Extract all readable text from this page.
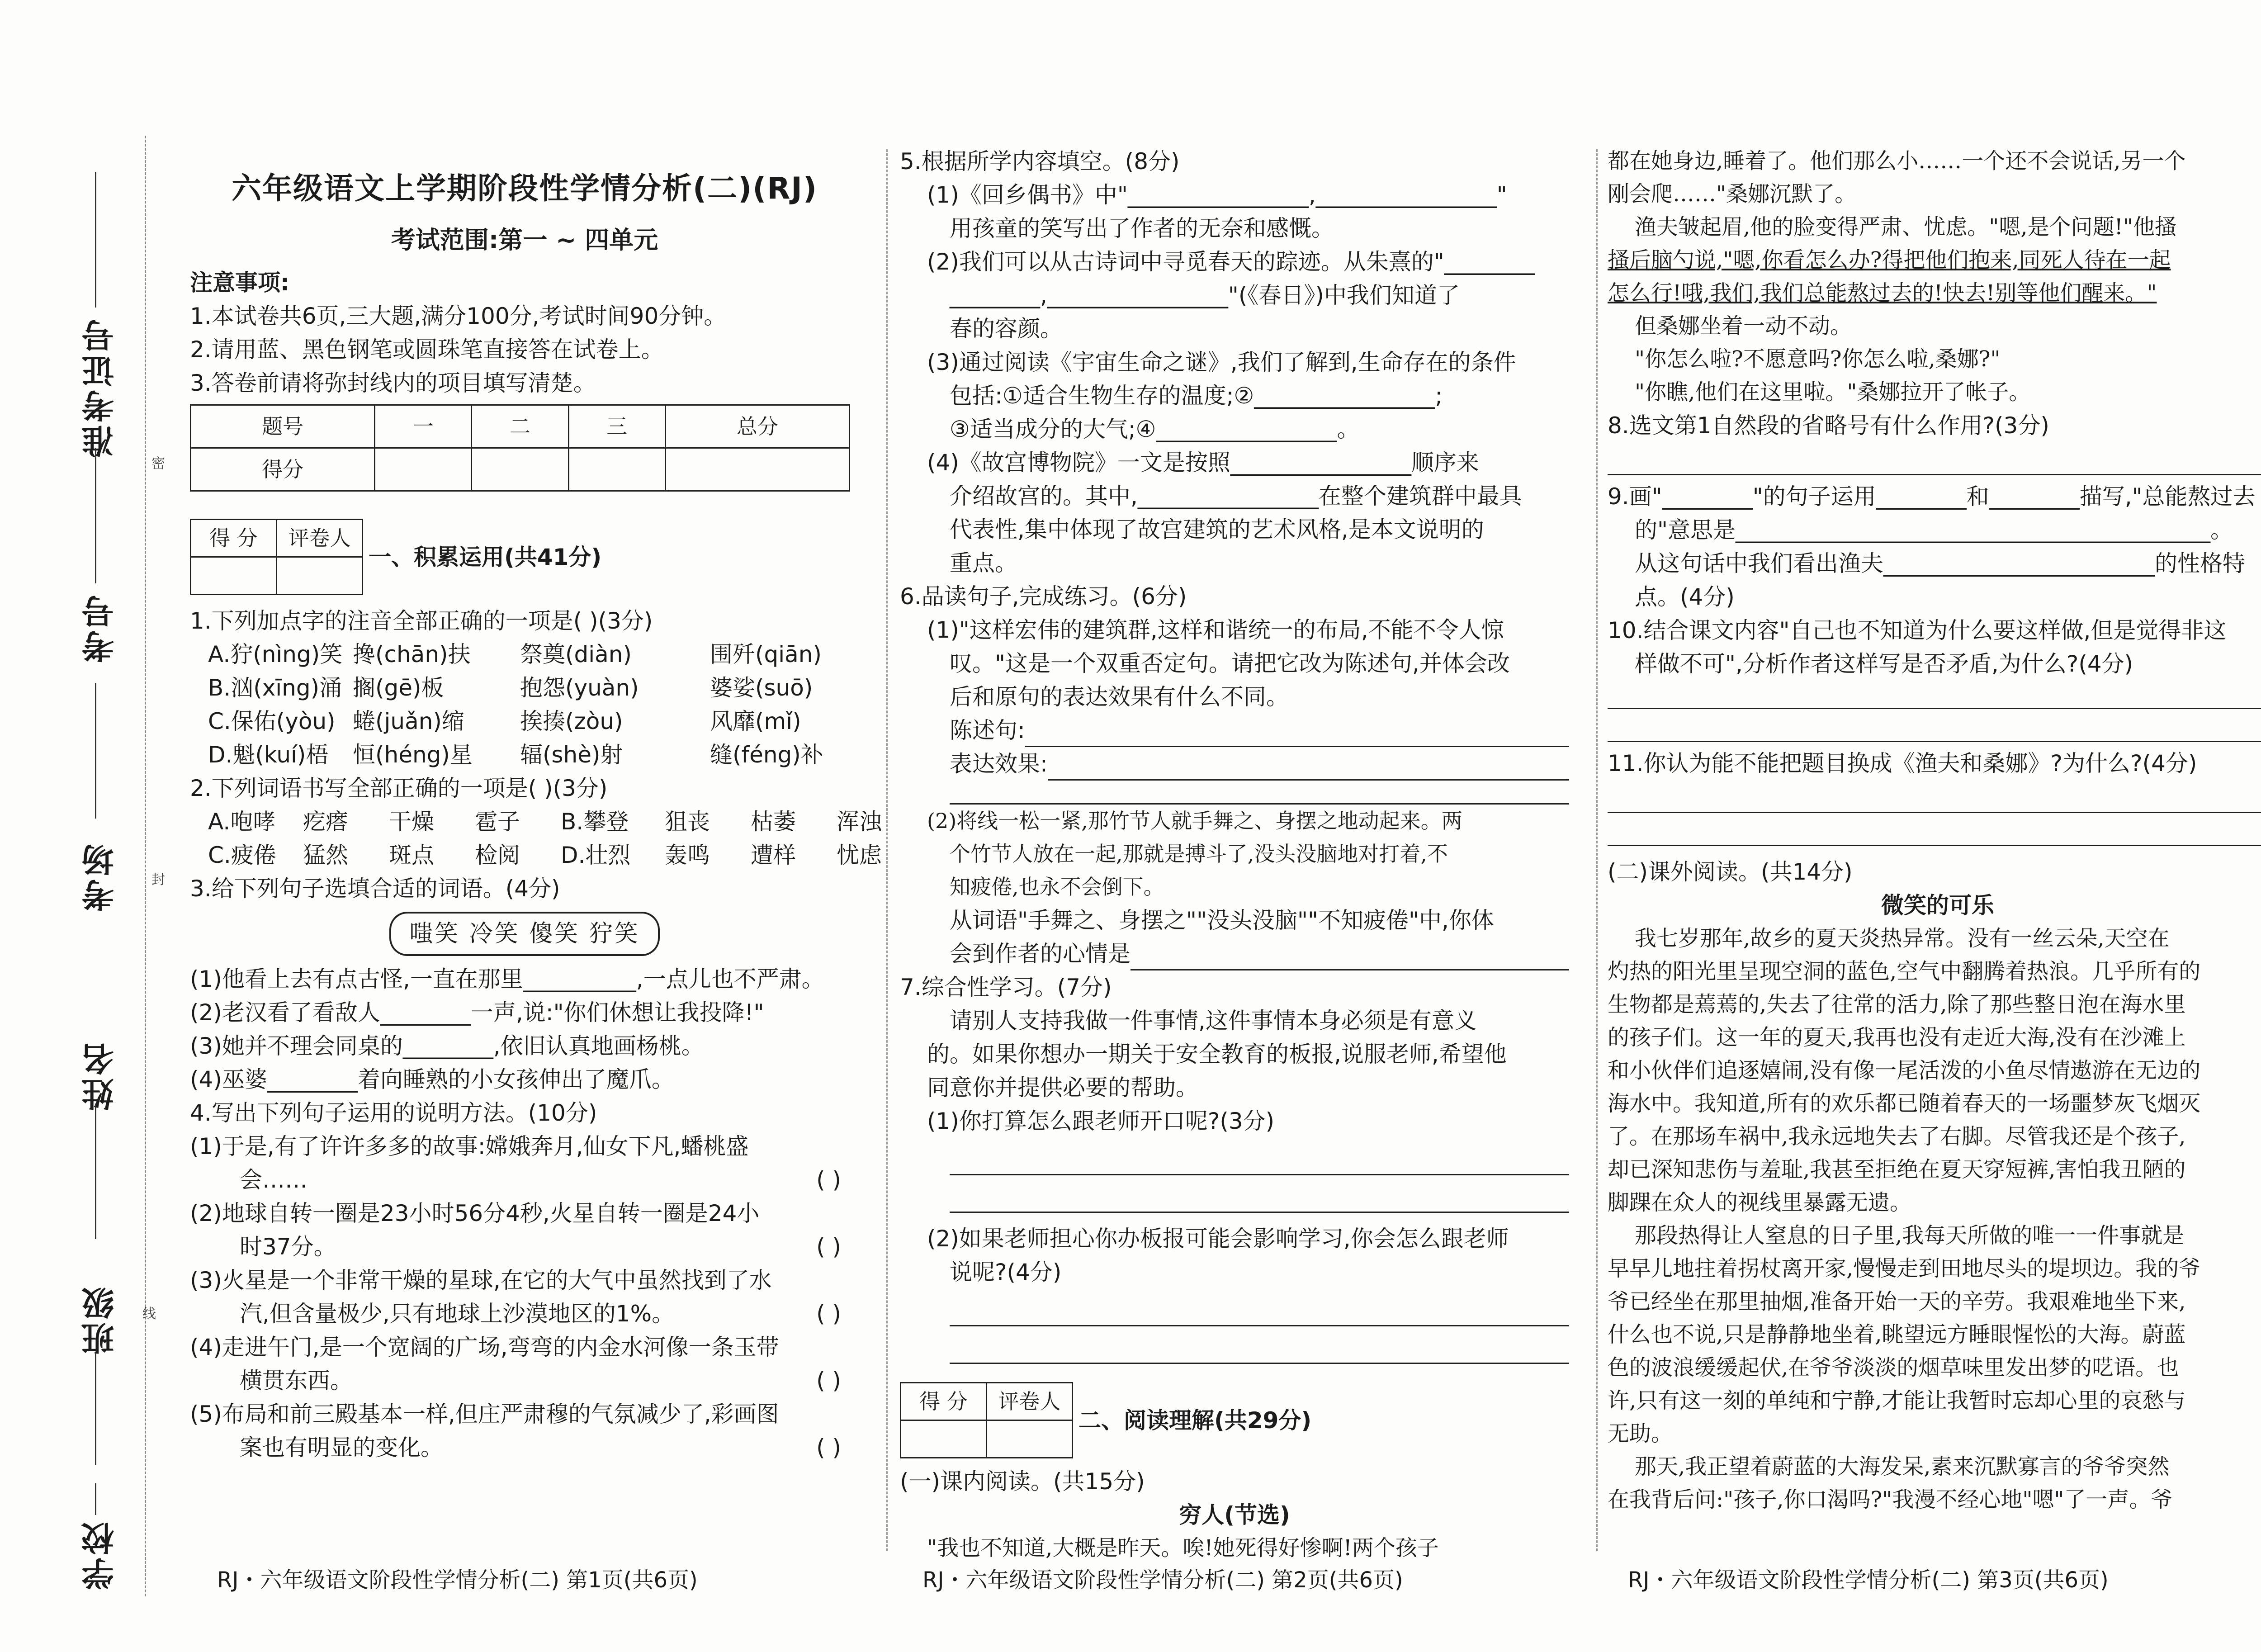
密
封
线
准考证号
考号
考场
姓名
班级
学校
六年级语文上学期阶段性学情分析(二)(RJ)
考试范围:第一 ~ 四单元

注意事项:

1.本试卷共6页,三大题,满分100分,考试时间90分钟。

2.请用蓝、黑色钢笔或圆珠笔直接答在试卷上。

3.答卷前请将弥封线内的项目填写清楚。

题号	一	二	三	总分
得分				
得 分	评卷人

一、积累运用(共41分)

1.下列加点字的注音全部正确的一项是( )(3分)

A.狞(nìng)笑 搀(chān)扶	祭奠(diàn)	围歼(qiān)
B.汹(xīng)涌 搁(gē)板	抱怨(yuàn)	婆娑(suō)
C.保佑(yòu) 蜷(juǎn)缩	挨揍(zòu)	风靡(mǐ)
D.魁(kuí)梧	恒(héng)星	辐(shè)射	缝(féng)补

2.下列词语书写全部正确的一项是( )(3分)

A.咆哮	疙瘩	干燥	雹子	B.攀登	狙丧	枯萎	浑浊
C.疲倦	猛然	斑点	检阅	D.壮烈	轰鸣	遭样	忧虑

3.给下列句子选填合适的词语。(4分)

嗤笑 冷笑 傻笑 狞笑

(1)他看上去有点古怪,一直在那里__________,一点儿也不严肃。

(2)老汉看了看敌人________一声,说:"你们休想让我投降!"

(3)她并不理会同桌的________,依旧认真地画杨桃。

(4)巫婆________着向睡熟的小女孩伸出了魔爪。

4.写出下列句子运用的说明方法。(10分)

(1)于是,有了许许多多的故事:嫦娥奔月,仙女下凡,蟠桃盛

会……	( )

(2)地球自转一圈是23小时56分4秒,火星自转一圈是24小

时37分。	( )

(3)火星是一个非常干燥的星球,在它的大气中虽然找到了水

汽,但含量极少,只有地球上沙漠地区的1%。	( )

(4)走进午门,是一个宽阔的广场,弯弯的内金水河像一条玉带

横贯东西。	( )

(5)布局和前三殿基本一样,但庄严肃穆的气氛减少了,彩画图

案也有明显的变化。	( )

RJ・六年级语文阶段性学情分析(二) 第1页(共6页)

5.根据所学内容填空。(8分)

(1)《回乡偶书》中"________________,________________"

用孩童的笑写出了作者的无奈和感慨。

(2)我们可以从古诗词中寻觅春天的踪迹。从朱熹的"________

________,________________"(《春日》)中我们知道了

春的容颜。

(3)通过阅读《宇宙生命之谜》,我们了解到,生命存在的条件

包括:①适合生物生存的温度;②________________;

③适当成分的大气;④________________。

(4)《故宫博物院》一文是按照________________顺序来

介绍故宫的。其中,________________在整个建筑群中最具

代表性,集中体现了故宫建筑的艺术风格,是本文说明的

重点。

6.品读句子,完成练习。(6分)

(1)"这样宏伟的建筑群,这样和谐统一的布局,不能不令人惊

叹。"这是一个双重否定句。请把它改为陈述句,并体会改

后和原句的表达效果有什么不同。

陈述句:
表达效果:

(2)将线一松一紧,那竹节人就手舞之、身摆之地动起来。两

个竹节人放在一起,那就是搏斗了,没头没脑地对打着,不

知疲倦,也永不会倒下。

从词语"手舞之、身摆之""没头没脑""不知疲倦"中,你体

会到作者的心情是

7.综合性学习。(7分)

请别人支持我做一件事情,这件事情本身必须是有意义

的。如果你想办一期关于安全教育的板报,说服老师,希望他

同意你并提供必要的帮助。

(1)你打算怎么跟老师开口呢?(3分)

(2)如果老师担心你办板报可能会影响学习,你会怎么跟老师

说呢?(4分)

得 分	评卷人

二、阅读理解(共29分)

(一)课内阅读。(共15分)

穷人(节选)

"我也不知道,大概是昨天。唉!她死得好惨啊!两个孩子

RJ・六年级语文阶段性学情分析(二) 第2页(共6页)

都在她身边,睡着了。他们那么小……一个还不会说话,另一个

刚会爬……"桑娜沉默了。

渔夫皱起眉,他的脸变得严肃、忧虑。"嗯,是个问题!"他搔

搔后脑勺说,"嗯,你看怎么办?得把他们抱来,同死人待在一起

怎么行!哦,我们,我们总能熬过去的!快去!别等他们醒来。"

但桑娜坐着一动不动。

"你怎么啦?不愿意吗?你怎么啦,桑娜?"

"你瞧,他们在这里啦。"桑娜拉开了帐子。

8.选文第1自然段的省略号有什么作用?(3分)

9.画"________"的句子运用________和________描写,"总能熬过去

的"意思是__________________________________________。

从这句话中我们看出渔夫________________________的性格特

点。(4分)

10.结合课文内容"自己也不知道为什么要这样做,但是觉得非这

样做不可",分析作者这样写是否矛盾,为什么?(4分)

11.你认为能不能把题目换成《渔夫和桑娜》?为什么?(4分)

(二)课外阅读。(共14分)

微笑的可乐

我七岁那年,故乡的夏天炎热异常。没有一丝云朵,天空在

灼热的阳光里呈现空洞的蓝色,空气中翻腾着热浪。几乎所有的

生物都是蔫蔫的,失去了往常的活力,除了那些整日泡在海水里

的孩子们。这一年的夏天,我再也没有走近大海,没有在沙滩上

和小伙伴们追逐嬉闹,没有像一尾活泼的小鱼尽情遨游在无边的

海水中。我知道,所有的欢乐都已随着春天的一场噩梦灰飞烟灭

了。在那场车祸中,我永远地失去了右脚。尽管我还是个孩子,

却已深知悲伤与羞耻,我甚至拒绝在夏天穿短裤,害怕我丑陋的

脚踝在众人的视线里暴露无遗。

那段热得让人窒息的日子里,我每天所做的唯一一件事就是

早早儿地拄着拐杖离开家,慢慢走到田地尽头的堤坝边。我的爷

爷已经坐在那里抽烟,准备开始一天的辛劳。我艰难地坐下来,

什么也不说,只是静静地坐着,眺望远方睡眼惺忪的大海。蔚蓝

色的波浪缓缓起伏,在爷爷淡淡的烟草味里发出梦的呓语。也

许,只有这一刻的单纯和宁静,才能让我暂时忘却心里的哀愁与

无助。

那天,我正望着蔚蓝的大海发呆,素来沉默寡言的爷爷突然

在我背后问:"孩子,你口渴吗?"我漫不经心地"嗯"了一声。爷

RJ・六年级语文阶段性学情分析(二) 第3页(共6页)
